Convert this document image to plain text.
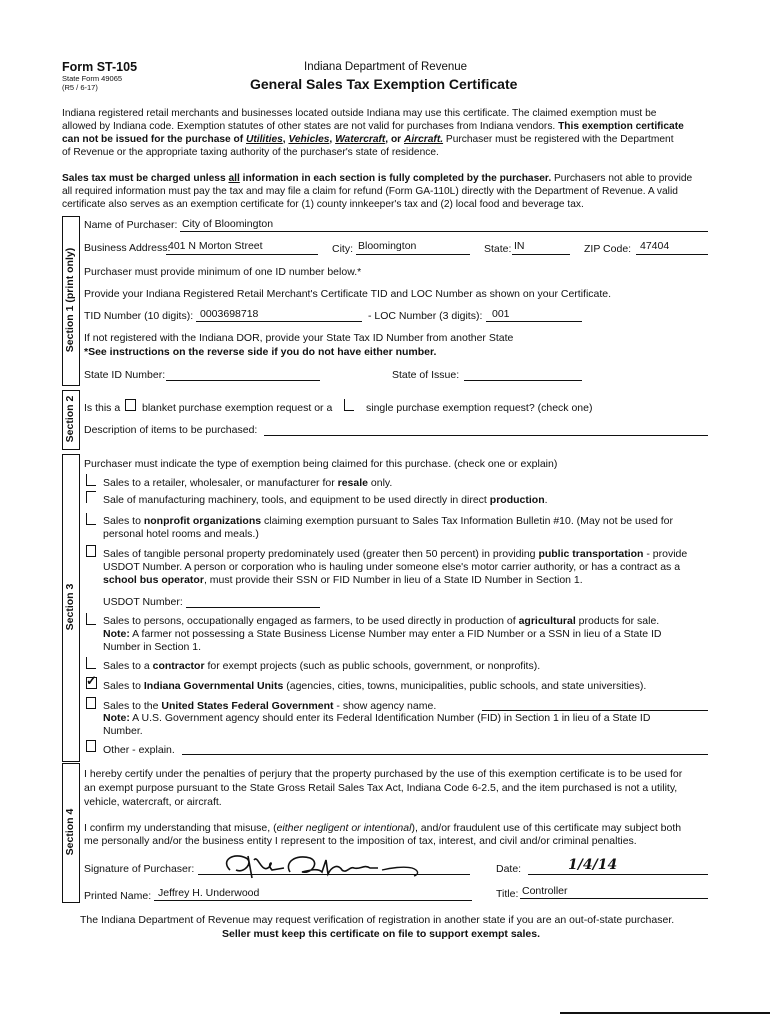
Form ST-105
State Form 49065
(R5 / 6-17)
Indiana Department of Revenue
General Sales Tax Exemption Certificate
Indiana registered retail merchants and businesses located outside Indiana may use this certificate. The claimed exemption must be
allowed by Indiana code. Exemption statutes of other states are not valid for purchases from Indiana vendors. This exemption certificate
can not be issued for the purchase of Utilities, Vehicles, Watercraft, or Aircraft. Purchaser must be registered with the Department
of Revenue or the appropriate taxing authority of the purchaser's state of residence.
Sales tax must be charged unless all information in each section is fully completed by the purchaser. Purchasers not able to provide
all required information must pay the tax and may file a claim for refund (Form GA-110L) directly with the Department of Revenue. A valid
certificate also serves as an exemption certificate for (1) county innkeeper's tax and (2) local food and beverage tax.
Section 1 (print only)
Name of Purchaser: City of Bloomington
Business Address:
401 N Morton Street	City: Bloomington	State: IN	ZIP Code: 47404
Purchaser must provide minimum of one ID number below.*
Provide your Indiana Registered Retail Merchant's Certificate TID and LOC Number as shown on your Certificate.
TID Number (10 digits): 0003698718	- LOC Number (3 digits): 001
If not registered with the Indiana DOR, provide your State Tax ID Number from another State
*See instructions on the reverse side if you do not have either number.
State ID Number:	State of Issue:
Section 2 Is this a blanket purchase exemption request or a	single purchase exemption request? (check one)
Description of items to be purchased:
Section 3
Purchaser must indicate the type of exemption being claimed for this purchase. (check one or explain)
Sales to a retailer, wholesaler, or manufacturer for resale only.
Sale of manufacturing machinery, tools, and equipment to be used directly in direct production.
Sales to nonprofit organizations claiming exemption pursuant to Sales Tax Information Bulletin #10. (May not be used for
personal hotel rooms and meals.)
Sales of tangible personal property predominately used (greater then 50 percent) in providing public transportation - provide
USDOT Number. A person or corporation who is hauling under someone else's motor carrier authority, or has a contract as a
school bus operator, must provide their SSN or FID Number in lieu of a State ID Number in Section 1.
USDOT Number:
Sales to persons, occupationally engaged as farmers, to be used directly in production of agricultural products for sale.
Note: A farmer not possessing a State Business License Number may enter a FID Number or a SSN in lieu of a State ID
Number in Section 1.
Sales to a contractor for exempt projects (such as public schools, government, or nonprofits).
✓ Sales to Indiana Governmental Units (agencies, cities, towns, municipalities, public schools, and state universities).
Sales to the United States Federal Government - show agency name.
Note: A U.S. Government agency should enter its Federal Identification Number (FID) in Section 1 in lieu of a State ID
Number.
Other - explain.
Section 4
I hereby certify under the penalties of perjury that the property purchased by the use of this exemption certificate is to be used for
an exempt purpose pursuant to the State Gross Retail Sales Tax Act, Indiana Code 6-2.5, and the item purchased is not a utility,
vehicle, watercraft, or aircraft.
I confirm my understanding that misuse, (either negligent or intentional), and/or fraudulent use of this certificate may subject both
me personally and/or the business entity I represent to the imposition of tax, interest, and civil and/or criminal penalties.
Signature of Purchaser:	Date:	1/4/14
Printed Name: Jeffrey H. Underwood	Title: Controller
The Indiana Department of Revenue may request verification of registration in another state if you are an out-of-state purchaser.
Seller must keep this certificate on file to support exempt sales.
